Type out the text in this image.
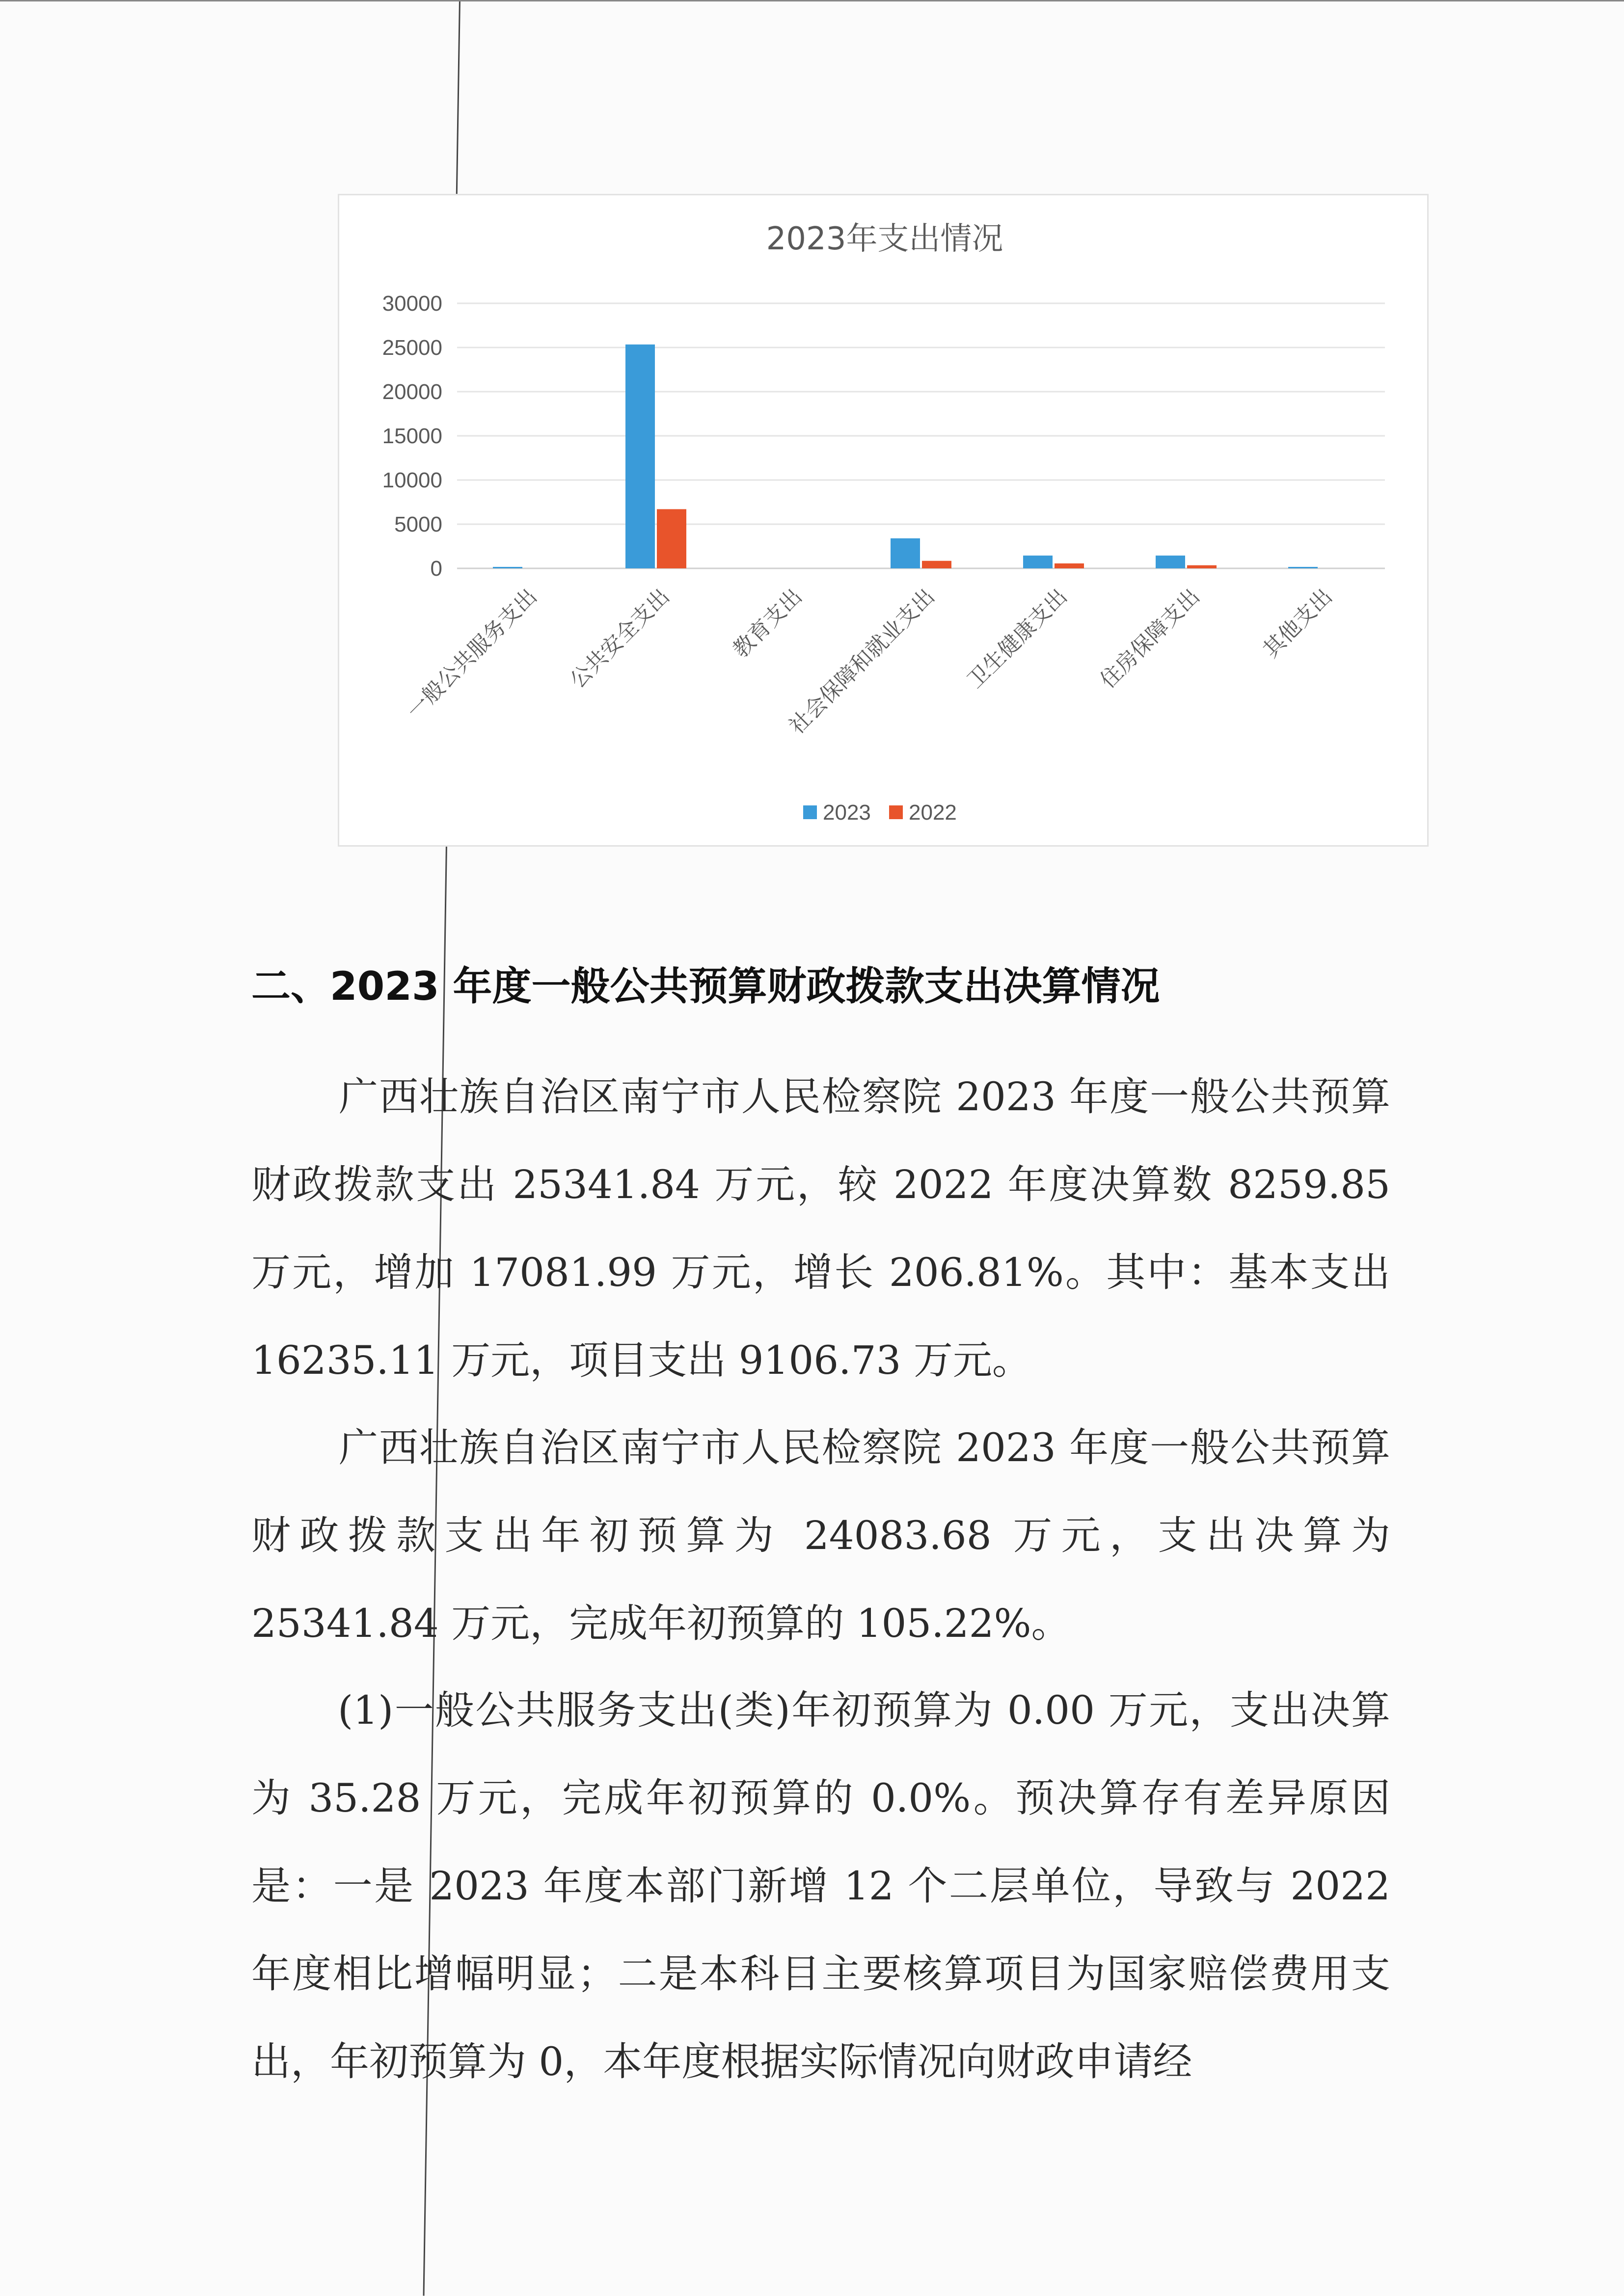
2023年支出情况
0
5000
10000
15000
20000
25000
30000
一般公共服务支出 公共安全支出 教育支出
社会保障和就业支出 卫生健康支出 住房保障支出 其他支出
2023 2022
二、2023 年度一般公共预算财政拨款支出决算情况

广西壮族自治区南宁市人民检察院 2023 年度一般公共预算财政拨款支出 25341.84 万元，较 2022 年度决算数 8259.85 万元，增加 17081.99 万元，增长 206.81%。其中：基本支出 16235.11 万元，项目支出 9106.73 万元。

广西壮族自治区南宁市人民检察院 2023 年度一般公共预算财政拨款支出年初预算为 24083.68 万元，支出决算为 25341.84 万元，完成年初预算的 105.22%。

(1)一般公共服务支出(类)年初预算为 0.00 万元，支出决算为 35.28 万元，完成年初预算的 0.0%。预决算存有差异原因是：一是 2023 年度本部门新增 12 个二层单位，导致与 2022 年度相比增幅明显；二是本科目主要核算项目为国家赔偿费用支出，年初预算为 0，本年度根据实际情况向财政申请经
